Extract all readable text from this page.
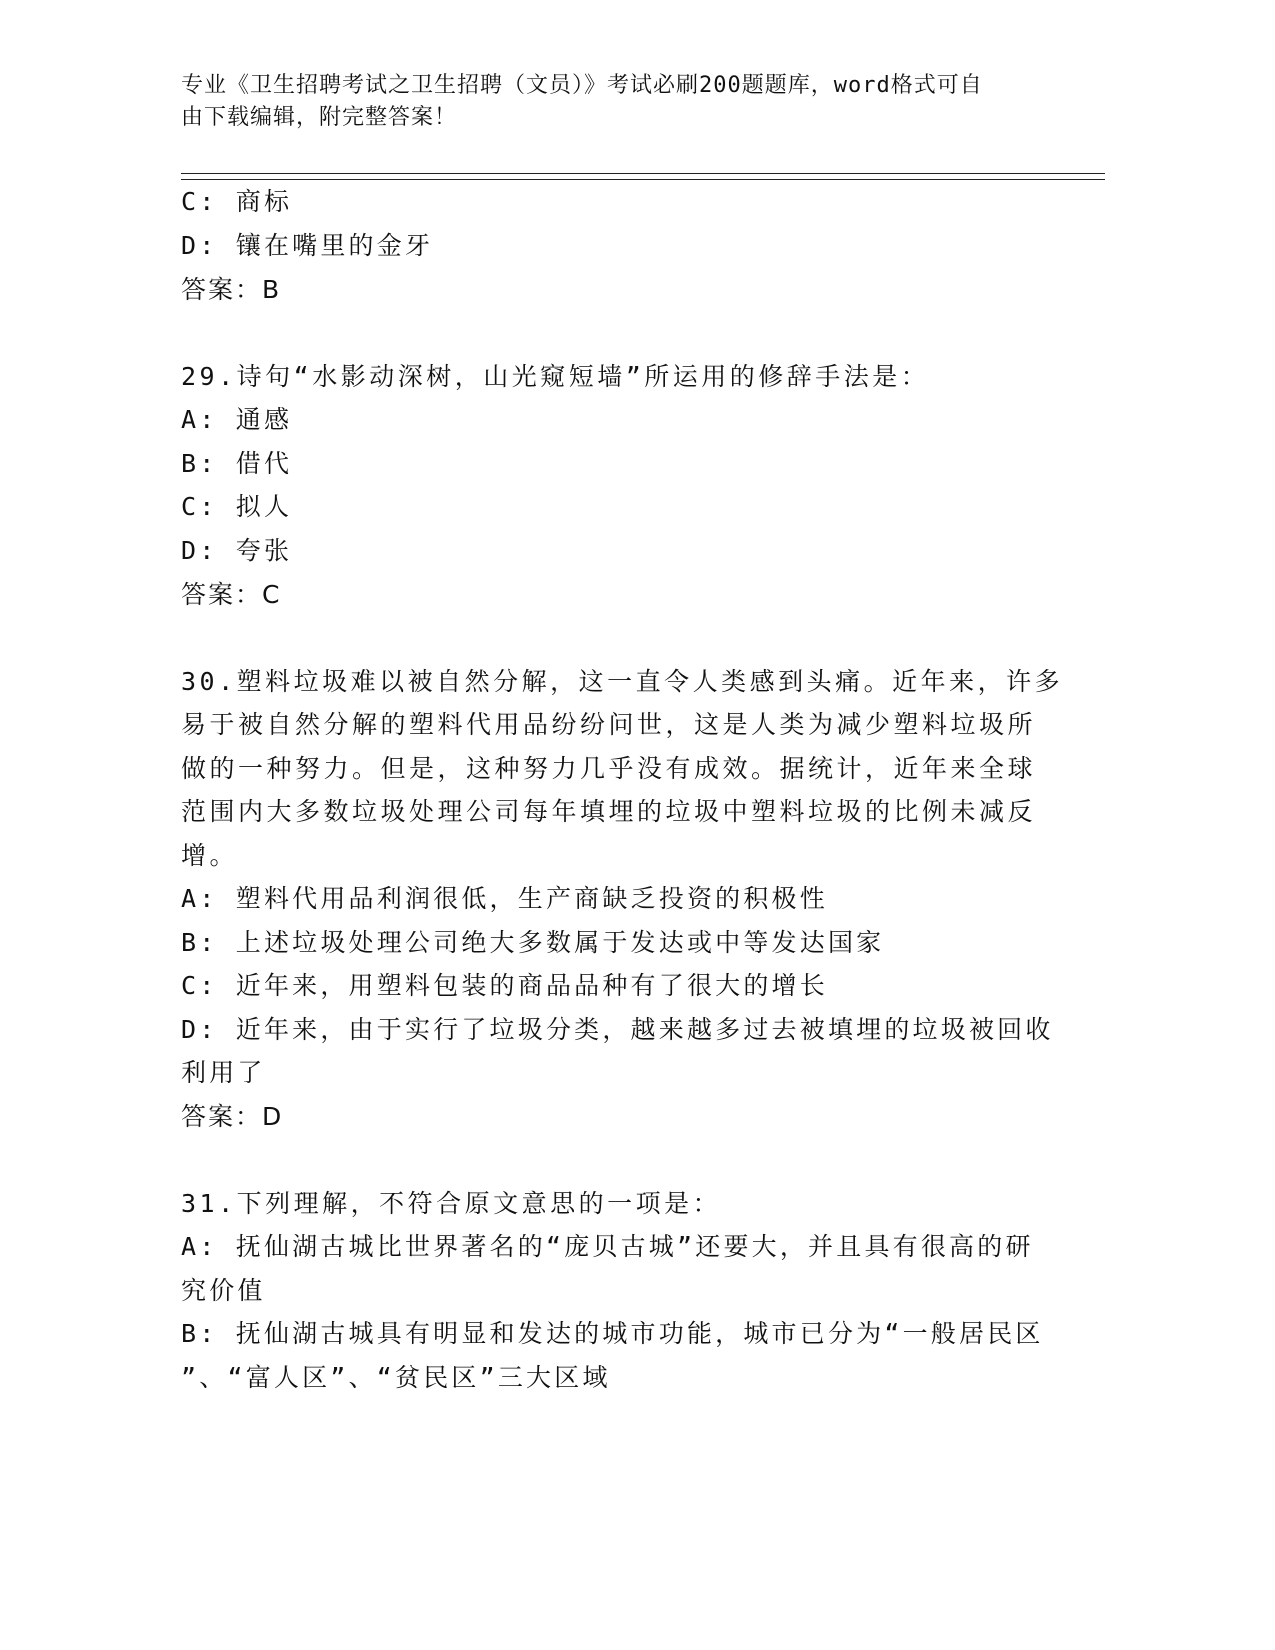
专业《卫生招聘考试之卫生招聘（文员）》考试必刷200题题库，word格式可自
由下载编辑，附完整答案！
C: 商标
D: 镶在嘴里的金牙
答案：B
29.诗句“水影动深树，山光窥短墙”所运用的修辞手法是：
A: 通感
B: 借代
C: 拟人
D: 夸张
答案：C
30.塑料垃圾难以被自然分解，这一直令人类感到头痛。近年来，许多
易于被自然分解的塑料代用品纷纷问世，这是人类为减少塑料垃圾所
做的一种努力。但是，这种努力几乎没有成效。据统计，近年来全球
范围内大多数垃圾处理公司每年填埋的垃圾中塑料垃圾的比例未减反
增。
A: 塑料代用品利润很低，生产商缺乏投资的积极性
B: 上述垃圾处理公司绝大多数属于发达或中等发达国家
C: 近年来，用塑料包装的商品品种有了很大的增长
D: 近年来，由于实行了垃圾分类，越来越多过去被填埋的垃圾被回收
利用了
答案：D
31.下列理解，不符合原文意思的一项是：
A: 抚仙湖古城比世界著名的“庞贝古城”还要大，并且具有很高的研
究价值
B: 抚仙湖古城具有明显和发达的城市功能，城市已分为“一般居民区
”、“富人区”、“贫民区”三大区域
